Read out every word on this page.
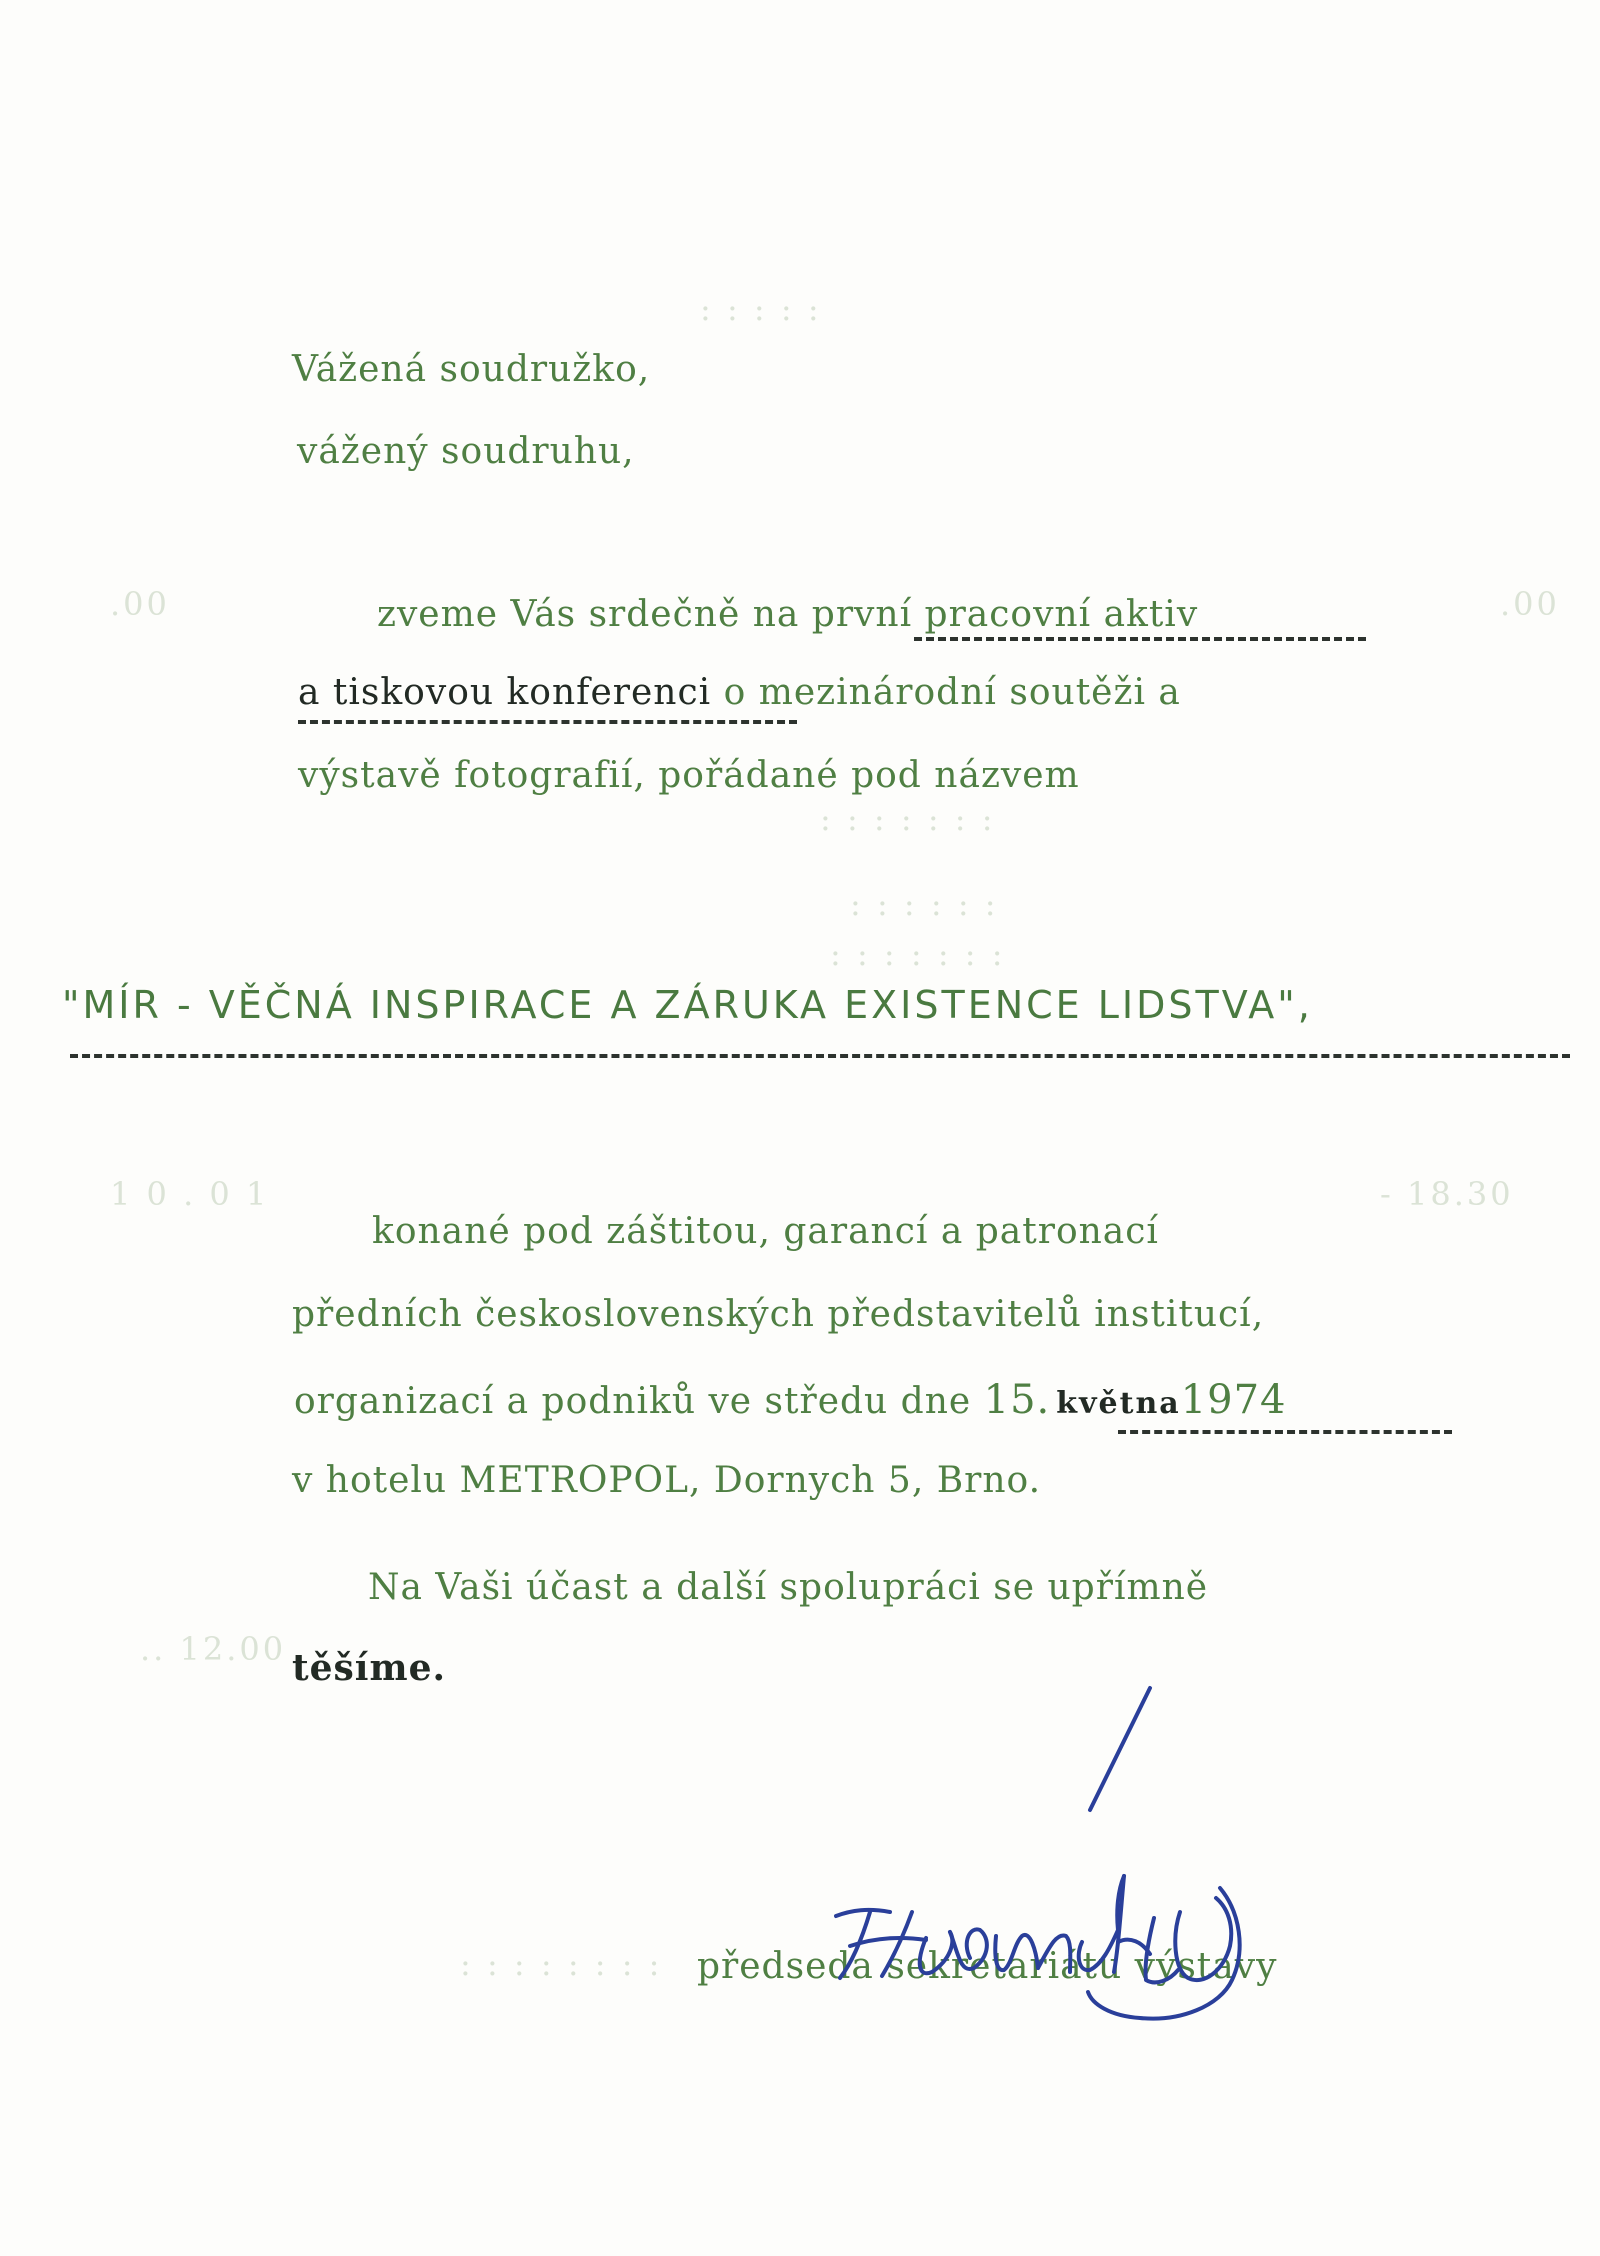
: : : : :
.00	.00
: : : : : : :
: : : : : :
: : : : : : :
1 0 . 0 1	- 18.30
.. 12.00
: : : : : : : :
Vážená soudružko,
vážený soudruhu,
zveme Vás srdečně na první pracovní aktiv
a tiskovou konferenci o mezinárodní soutěži a
výstavě fotografií, pořádané pod názvem
"MÍR - VĚČNÁ INSPIRACE A ZÁRUKA EXISTENCE LIDSTVA",
konané pod záštitou, garancí a patronací
předních československých představitelů institucí,
organizací a podniků ve středu dne 15. května1974
v hotelu METROPOL, Dornych 5, Brno.
Na Vaši účast a další spolupráci se upřímně
těšíme.
předseda sekretariátu výstavy
